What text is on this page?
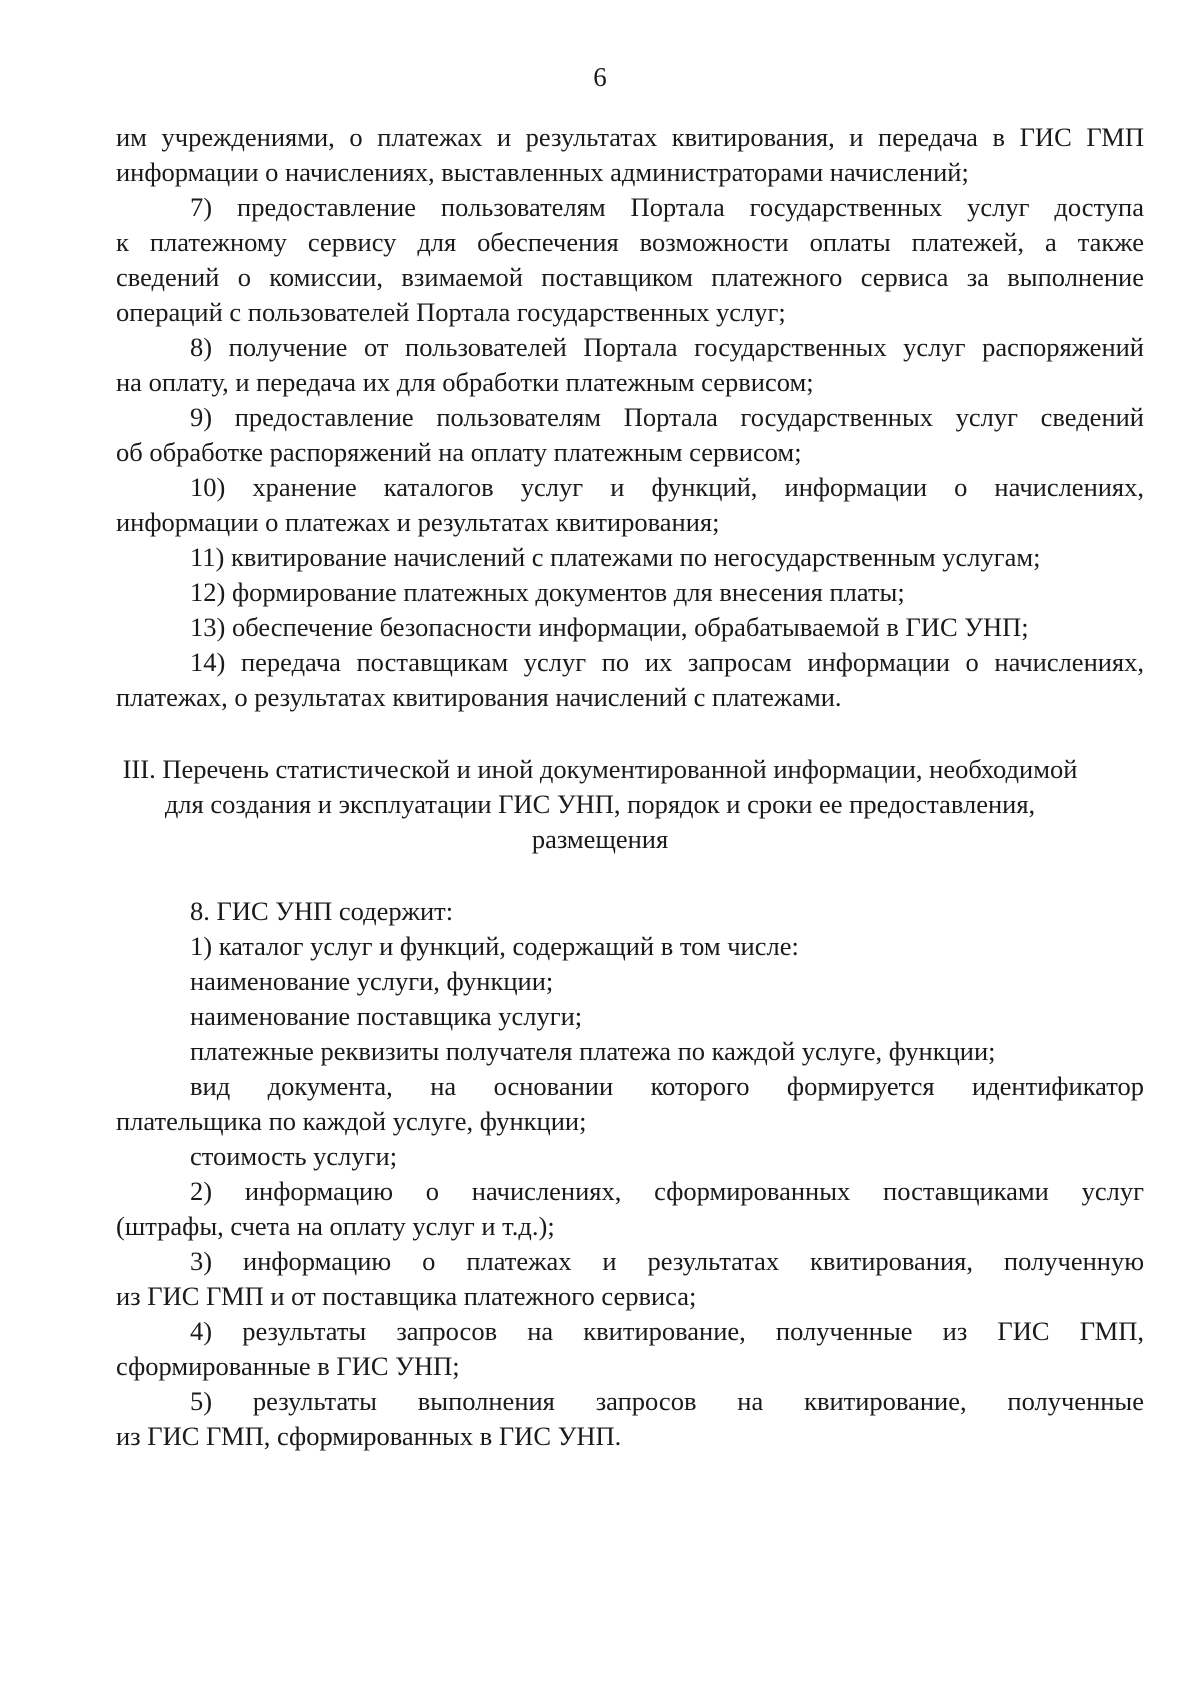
6
им учреждениями, о платежах и результатах квитирования, и передача в ГИС ГМП
информации о начислениях, выставленных администраторами начислений;
7) предоставление пользователям Портала государственных услуг доступа
к платежному сервису для обеспечения возможности оплаты платежей, а также
сведений о комиссии, взимаемой поставщиком платежного сервиса за выполнение
операций с пользователей Портала государственных услуг;
8) получение от пользователей Портала государственных услуг распоряжений
на оплату, и передача их для обработки платежным сервисом;
9) предоставление пользователям Портала государственных услуг сведений
об обработке распоряжений на оплату платежным сервисом;
10) хранение каталогов услуг и функций, информации о начислениях,
информации о платежах и результатах квитирования;
11) квитирование начислений с платежами по негосударственным услугам;
12) формирование платежных документов для внесения платы;
13) обеспечение безопасности информации, обрабатываемой в ГИС УНП;
14) передача поставщикам услуг по их запросам информации о начислениях,
платежах, о результатах квитирования начислений с платежами.
III. Перечень статистической и иной документированной информации, необходимой
для создания и эксплуатации ГИС УНП, порядок и сроки ее предоставления,
размещения
8. ГИС УНП содержит:
1) каталог услуг и функций, содержащий в том числе:
наименование услуги, функции;
наименование поставщика услуги;
платежные реквизиты получателя платежа по каждой услуге, функции;
вид документа, на основании которого формируется идентификатор
плательщика по каждой услуге, функции;
стоимость услуги;
2) информацию о начислениях, сформированных поставщиками услуг
(штрафы, счета на оплату услуг и т.д.);
3) информацию о платежах и результатах квитирования, полученную
из ГИС ГМП и от поставщика платежного сервиса;
4) результаты запросов на квитирование, полученные из ГИС ГМП,
сформированные в ГИС УНП;
5) результаты выполнения запросов на квитирование, полученные
из ГИС ГМП, сформированных в ГИС УНП.
